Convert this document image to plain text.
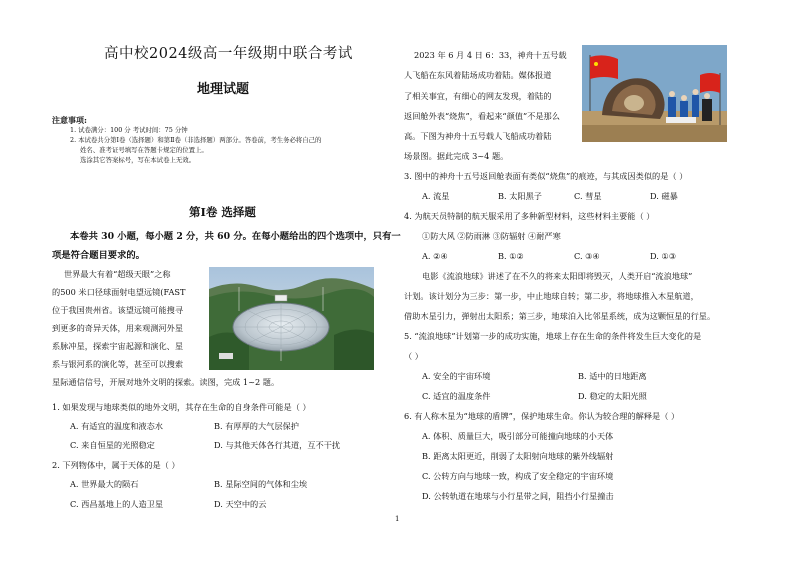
高中校2024级高一年级期中联合考试
地理试题
注意事项:
1. 试卷满分：100 分 考试时间：75 分钟
2. 本试卷共分第Ⅰ卷（选择题）和第Ⅱ卷（非选择题）两部分。答卷前，考生务必将自己的
姓名、准考证号填写在答题卡规定的位置上。
选涂其它答案标号，写在本试卷上无效。
第Ⅰ卷 选择题
本卷共 30 小题，每小题 2 分，共 60 分。在每小题给出的四个选项中，只有一
项是符合题目要求的。
世界最大有着“超级天眼”之称
的500 米口径球面射电望远镜(FAST
位于我国贵州省。该望远镜可能搜寻
到更多的奇异天体，用来观测河外星
系脉冲星，探索宇宙起源和演化、星
系与银河系的演化等，甚至可以搜索
星际通信信号，开展对地外文明的探索。读图，完成 1~2 题。
1. 如果发现与地球类似的地外文明，其存在生命的自身条件可能是（ ）
A. 有适宜的温度和液态水	B. 有厚厚的大气层保护
C. 来自恒星的光照稳定	D. 与其他天体各行其道，互不干扰
2. 下列物体中，属于天体的是（ ）
A. 世界最大的陨石	B. 星际空间的气体和尘埃
C. 西昌基地上的人造卫星	D. 天空中的云
2023 年 6 月 4 日 6：33，神舟十五号载
人飞船在东风着陆场成功着陆。媒体报道
了相关事宜，有细心的网友发现，着陆的
返回舱外表“烧焦”，看起来“颜值”不是那么
高。下图为神舟十五号载人飞船成功着陆
场景图。据此完成 3~4 题。
3. 图中的神舟十五号返回舱表面有类似“烧焦”的痕迹，与其成因类似的是（ ）
A. 流星	B. 太阳黑子	C. 彗星	D. 磁暴
4. 为航天员特制的航天服采用了多种新型材料，这些材料主要能（ ）
①防大风 ②防雨淋 ③防辐射 ④耐严寒
A. ②④	B. ①②	C. ③④	D. ①③
电影《流浪地球》讲述了在不久的将来太阳即将毁灭，人类开启“流浪地球”
计划。该计划分为三步：第一步，中止地球自转；第二步，将地球推入木星航道，
借助木星引力，弹射出太阳系；第三步，地球泊入比邻星系统，成为这颗恒星的行星。
5. “流浪地球”计划第一步的成功实施，地球上存在生命的条件将发生巨大变化的是
（ ）
A. 安全的宇宙环境	B. 适中的日地距离
C. 适宜的温度条件	D. 稳定的太阳光照
6. 有人称木星为“地球的盾牌”，保护地球生命。你认为较合理的解释是（ ）
A. 体积、质量巨大，吸引部分可能撞向地球的小天体
B. 距离太阳更近，削弱了太阳射向地球的紫外线辐射
C. 公转方向与地球一致，构成了安全稳定的宇宙环境
D. 公转轨道在地球与小行星带之间，阻挡小行星撞击
1
